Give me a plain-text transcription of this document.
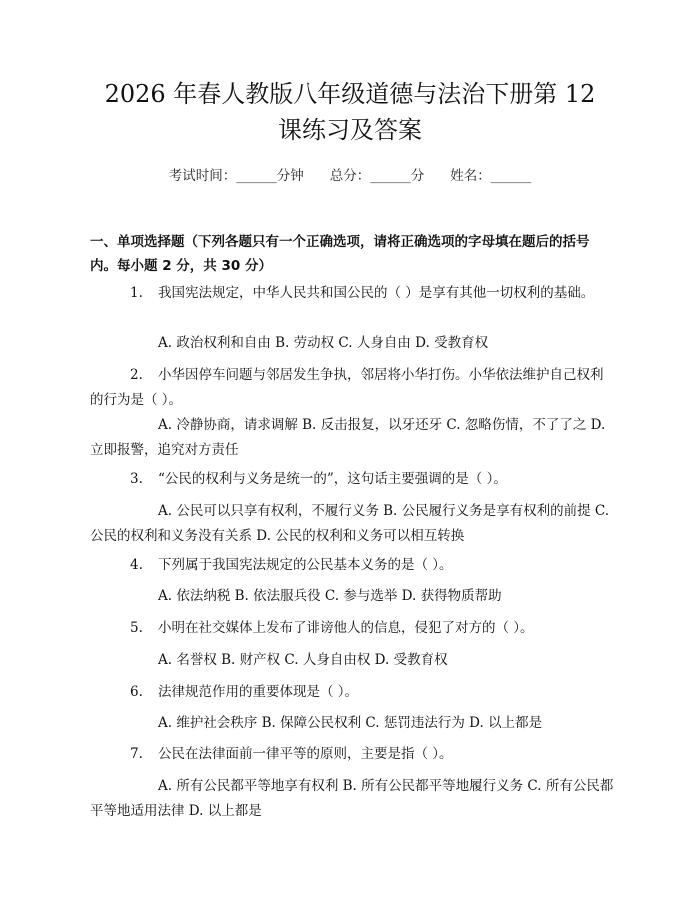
2026 年春人教版八年级道德与法治下册第 12
课练习及答案
考试时间：______分钟 总分：______分 姓名：______
一、单项选择题（下列各题只有一个正确选项，请将正确选项的字母填在题后的括号内。每小题 2 分，共 30 分）
1. 我国宪法规定，中华人民共和国公民的（ ）是享有其他一切权利的基础。
A. 政治权利和自由 B. 劳动权 C. 人身自由 D. 受教育权
2. 小华因停车问题与邻居发生争执，邻居将小华打伤。小华依法维护自己权利的行为是（ ）。
A. 冷静协商，请求调解 B. 反击报复，以牙还牙 C. 忽略伤情，不了了之 D. 立即报警，追究对方责任
3. “公民的权利与义务是统一的”，这句话主要强调的是（ ）。
A. 公民可以只享有权利，不履行义务 B. 公民履行义务是享有权利的前提 C. 公民的权利和义务没有关系 D. 公民的权利和义务可以相互转换
4. 下列属于我国宪法规定的公民基本义务的是（ ）。
A. 依法纳税 B. 依法服兵役 C. 参与选举 D. 获得物质帮助
5. 小明在社交媒体上发布了诽谤他人的信息，侵犯了对方的（ ）。
A. 名誉权 B. 财产权 C. 人身自由权 D. 受教育权
6. 法律规范作用的重要体现是（ ）。
A. 维护社会秩序 B. 保障公民权利 C. 惩罚违法行为 D. 以上都是
7. 公民在法律面前一律平等的原则，主要是指（ ）。
A. 所有公民都平等地享有权利 B. 所有公民都平等地履行义务 C. 所有公民都平等地适用法律 D. 以上都是
